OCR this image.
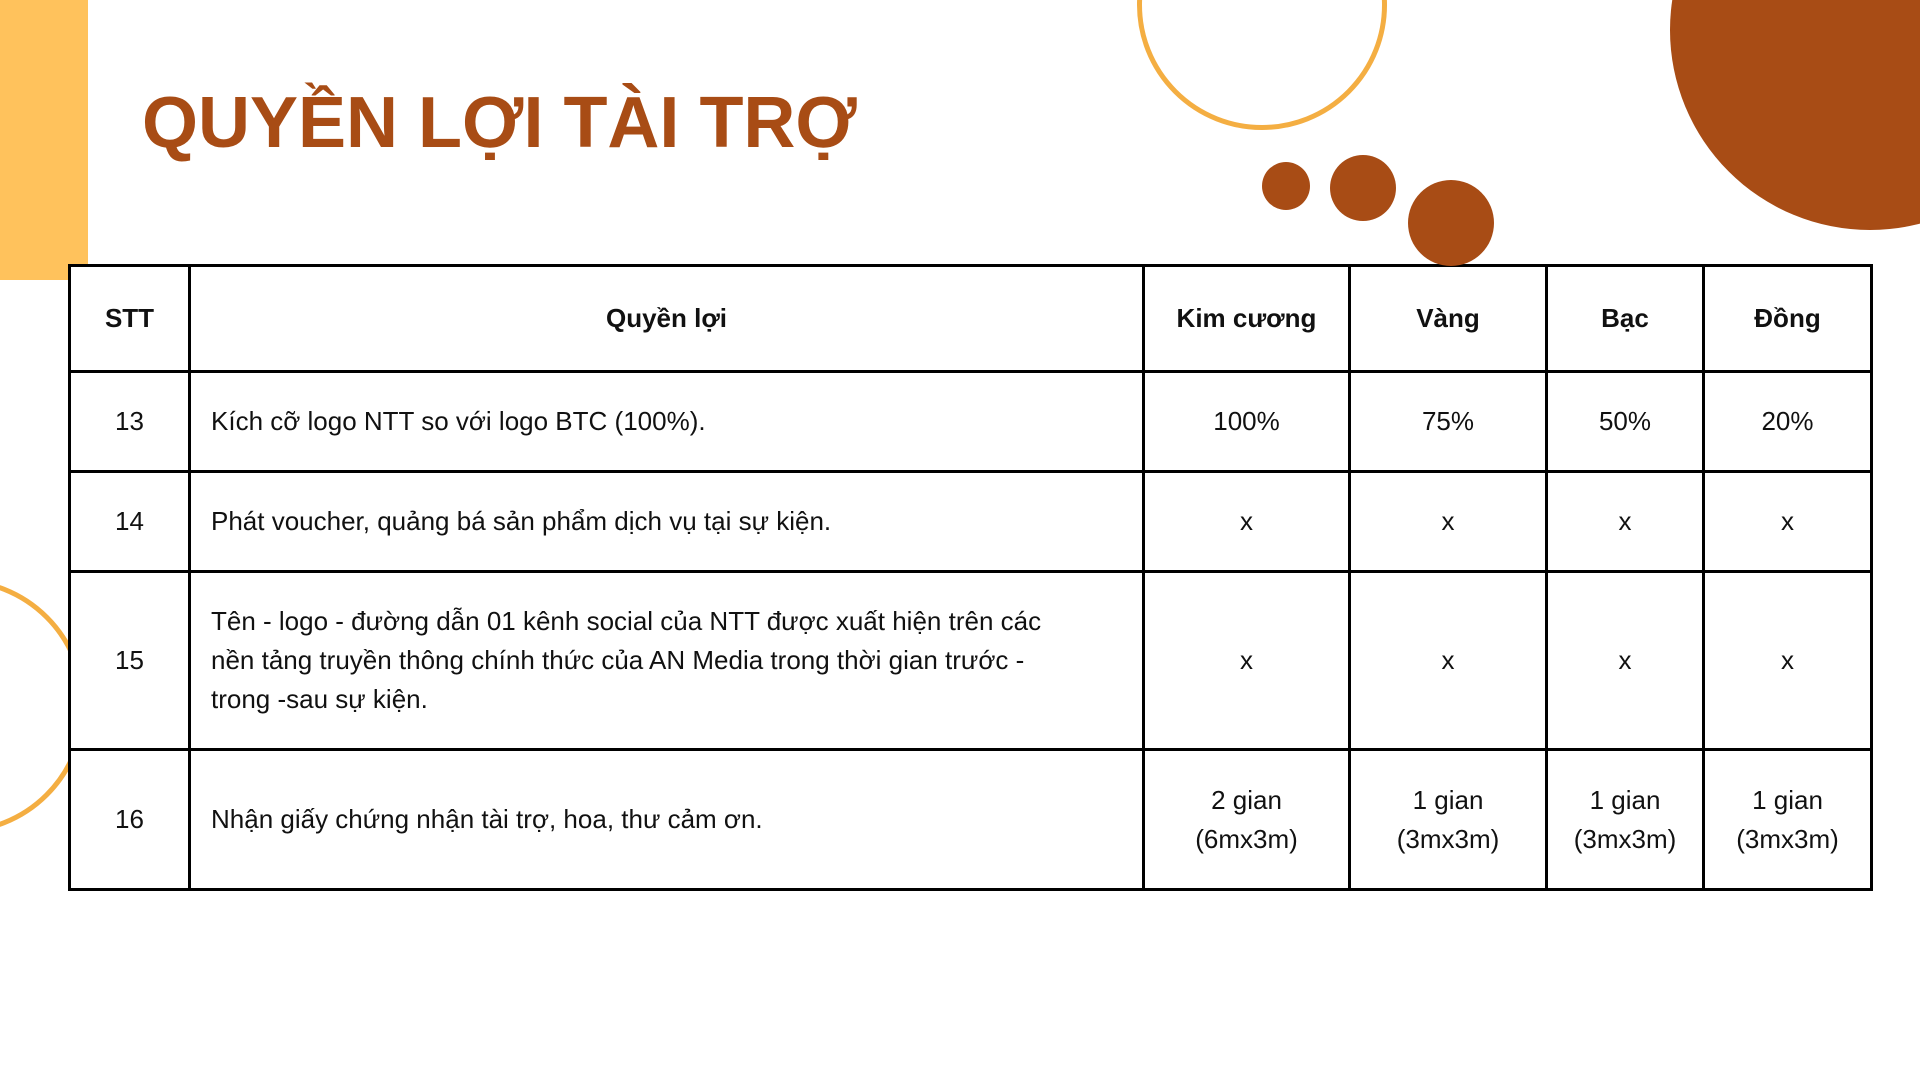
QUYỀN LỢI TÀI TRỢ
STT	Quyền lợi	Kim cương	Vàng	Bạc	Đồng
13	Kích cỡ logo NTT so với logo BTC (100%).	100%	75%	50%	20%
14	Phát voucher, quảng bá sản phẩm dịch vụ tại sự kiện.	x	x	x	x
15	Tên - logo - đường dẫn 01 kênh social của NTT được xuất hiện trên các
nền tảng truyền thông chính thức của AN Media trong thời gian trước -
trong -sau sự kiện.	x	x	x	x
16	Nhận giấy chứng nhận tài trợ, hoa, thư cảm ơn.	2 gian
(6mx3m)	1 gian
(3mx3m)	1 gian
(3mx3m)	1 gian
(3mx3m)
